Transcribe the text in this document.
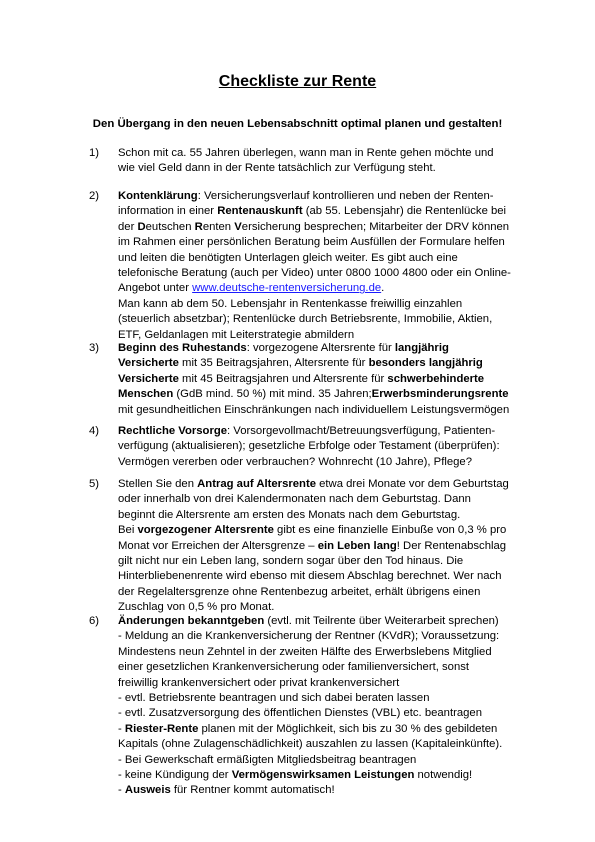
Checkliste zur Rente
Den Übergang in den neuen Lebensabschnitt optimal planen und gestalten!
1)	Schon mit ca. 55 Jahren überlegen, wann man in Rente gehen möchte und
wie viel Geld dann in der Rente tatsächlich zur Verfügung steht.
2)	Kontenklärung: Versicherungsverlauf kontrollieren und neben der Renten-
information in einer Rentenauskunft (ab 55. Lebensjahr) die Rentenlücke bei
der Deutschen Renten Versicherung besprechen; Mitarbeiter der DRV können
im Rahmen einer persönlichen Beratung beim Ausfüllen der Formulare helfen
und leiten die benötigten Unterlagen gleich weiter. Es gibt auch eine
telefonische Beratung (auch per Video) unter 0800 1000 4800 oder ein Online-
Angebot unter www.deutsche-rentenversicherung.de.
Man kann ab dem 50. Lebensjahr in Rentenkasse freiwillig einzahlen
(steuerlich absetzbar); Rentenlücke durch Betriebsrente, Immobilie, Aktien,
ETF, Geldanlagen mit Leiterstrategie abmildern
3)	Beginn des Ruhestands: vorgezogene Altersrente für langjährig
Versicherte mit 35 Beitragsjahren, Altersrente für besonders langjährig
Versicherte mit 45 Beitragsjahren und Altersrente für schwerbehinderte
Menschen (GdB mind. 50 %) mit mind. 35 Jahren;Erwerbsminderungsrente
mit gesundheitlichen Einschränkungen nach individuellem Leistungsvermögen
4)	Rechtliche Vorsorge: Vorsorgevollmacht/Betreuungsverfügung, Patienten-
verfügung (aktualisieren); gesetzliche Erbfolge oder Testament (überprüfen):
Vermögen vererben oder verbrauchen? Wohnrecht (10 Jahre), Pflege?
5)	Stellen Sie den Antrag auf Altersrente etwa drei Monate vor dem Geburtstag
oder innerhalb von drei Kalendermonaten nach dem Geburtstag. Dann
beginnt die Altersrente am ersten des Monats nach dem Geburtstag.
Bei vorgezogener Altersrente gibt es eine finanzielle Einbuße von 0,3 % pro
Monat vor Erreichen der Altersgrenze – ein Leben lang! Der Rentenabschlag
gilt nicht nur ein Leben lang, sondern sogar über den Tod hinaus. Die
Hinterbliebenenrente wird ebenso mit diesem Abschlag berechnet. Wer nach
der Regelaltersgrenze ohne Rentenbezug arbeitet, erhält übrigens einen
Zuschlag von 0,5 % pro Monat.
6)	Änderungen bekanntgeben (evtl. mit Teilrente über Weiterarbeit sprechen)
- Meldung an die Krankenversicherung der Rentner (KVdR); Voraussetzung:
Mindestens neun Zehntel in der zweiten Hälfte des Erwerbslebens Mitglied
einer gesetzlichen Krankenversicherung oder familienversichert, sonst
freiwillig krankenversichert oder privat krankenversichert
- evtl. Betriebsrente beantragen und sich dabei beraten lassen
- evtl. Zusatzversorgung des öffentlichen Dienstes (VBL) etc. beantragen
- Riester-Rente planen mit der Möglichkeit, sich bis zu 30 % des gebildeten
Kapitals (ohne Zulagenschädlichkeit) auszahlen zu lassen (Kapitaleinkünfte).
- Bei Gewerkschaft ermäßigten Mitgliedsbeitrag beantragen
- keine Kündigung der Vermögenswirksamen Leistungen notwendig!
- Ausweis für Rentner kommt automatisch!
